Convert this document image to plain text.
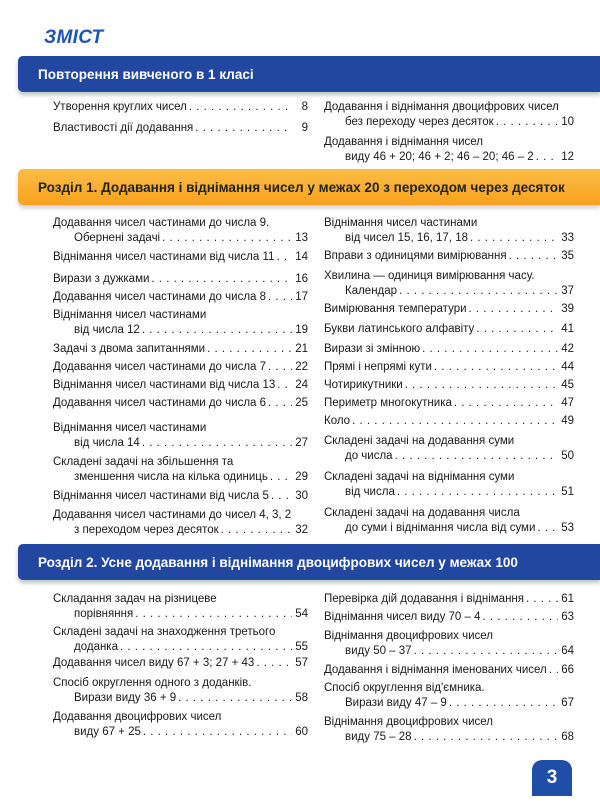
ЗМІСТ
Повторення вивченого в 1 класі
Розділ 1. Додавання і віднімання чисел у межах 20 з переходом через десяток
Розділ 2. Усне додавання і віднімання двоцифрових чисел у межах 100
Утворення круглих чисел . . .	8
Властивості дії додавання . . .	9
Додавання і віднімання двоцифрових чисел
без переходу через десяток . . .	10
Додавання і віднімання чисел
виду 46 + 20; 46 + 2; 46 – 20; 46 – 2 . . . 12
Додавання чисел частинами до числа 9.
Обернені задачі . . .	13
Віднімання чисел частинами від числа 11 . . . 14
Вирази з дужками . . .	16
Додавання чисел частинами до числа 8 . . .	17
Віднімання чисел частинами
від числа 12 . . .	19
Задачі з двома запитаннями . . .	21
Додавання чисел частинами до числа 7 . . .	22
Віднімання чисел частинами від числа 13 . . . 24
Додавання чисел частинами до числа 6 . . .	25
Віднімання чисел частинами
від числа 14 . . .	27
Складені задачі на збільшення та
зменшення числа на кілька одиниць . . . 29
Віднімання чисел частинами від числа 5 . . . 30
Додавання чисел частинами до чисел 4, 3, 2
з переходом через десяток . . .	32
Віднімання чисел частинами
від чисел 15, 16, 17, 18 . . .	33
Вправи з одиницями вимірювання . . .	35
Хвилина — одиниця вимірювання часу.
Календар . . .	37
Вимірювання температури . . .	39
Букви латинського алфавіту . . .	41
Вирази зі змінною . . .	42
Прямі і непрямі кути . . .	44
Чотирикутники . . .	45
Периметр многокутника . . .	47
Коло . . .	49
Складені задачі на додавання суми
до числа . . .	50
Складені задачі на віднімання суми
від числа . . .	51
Складені задачі на додавання числа
до суми і віднімання числа від суми . . . 53
Складання задач на різницеве
порівняння . . .	54
Складені задачі на знаходження третього
доданка . . .	55
Додавання чисел виду 67 + 3; 27 + 43 . . .	57
Спосіб округлення одного з доданків.
Вирази виду 36 + 9 . . .	58
Додавання двоцифрових чисел
виду 67 + 25 . . .	60
Перевірка дій додавання і віднімання . . .	61
Віднімання чисел виду 70 – 4 . . .	63
Віднімання двоцифрових чисел
виду 50 – 37 . . .	64
Додавання і віднімання іменованих чисел . . . 66
Спосіб округлення від'ємника.
Вирази виду 47 – 9 . . .	67
Віднімання двоцифрових чисел
виду 75 – 28 . . .	68
3
